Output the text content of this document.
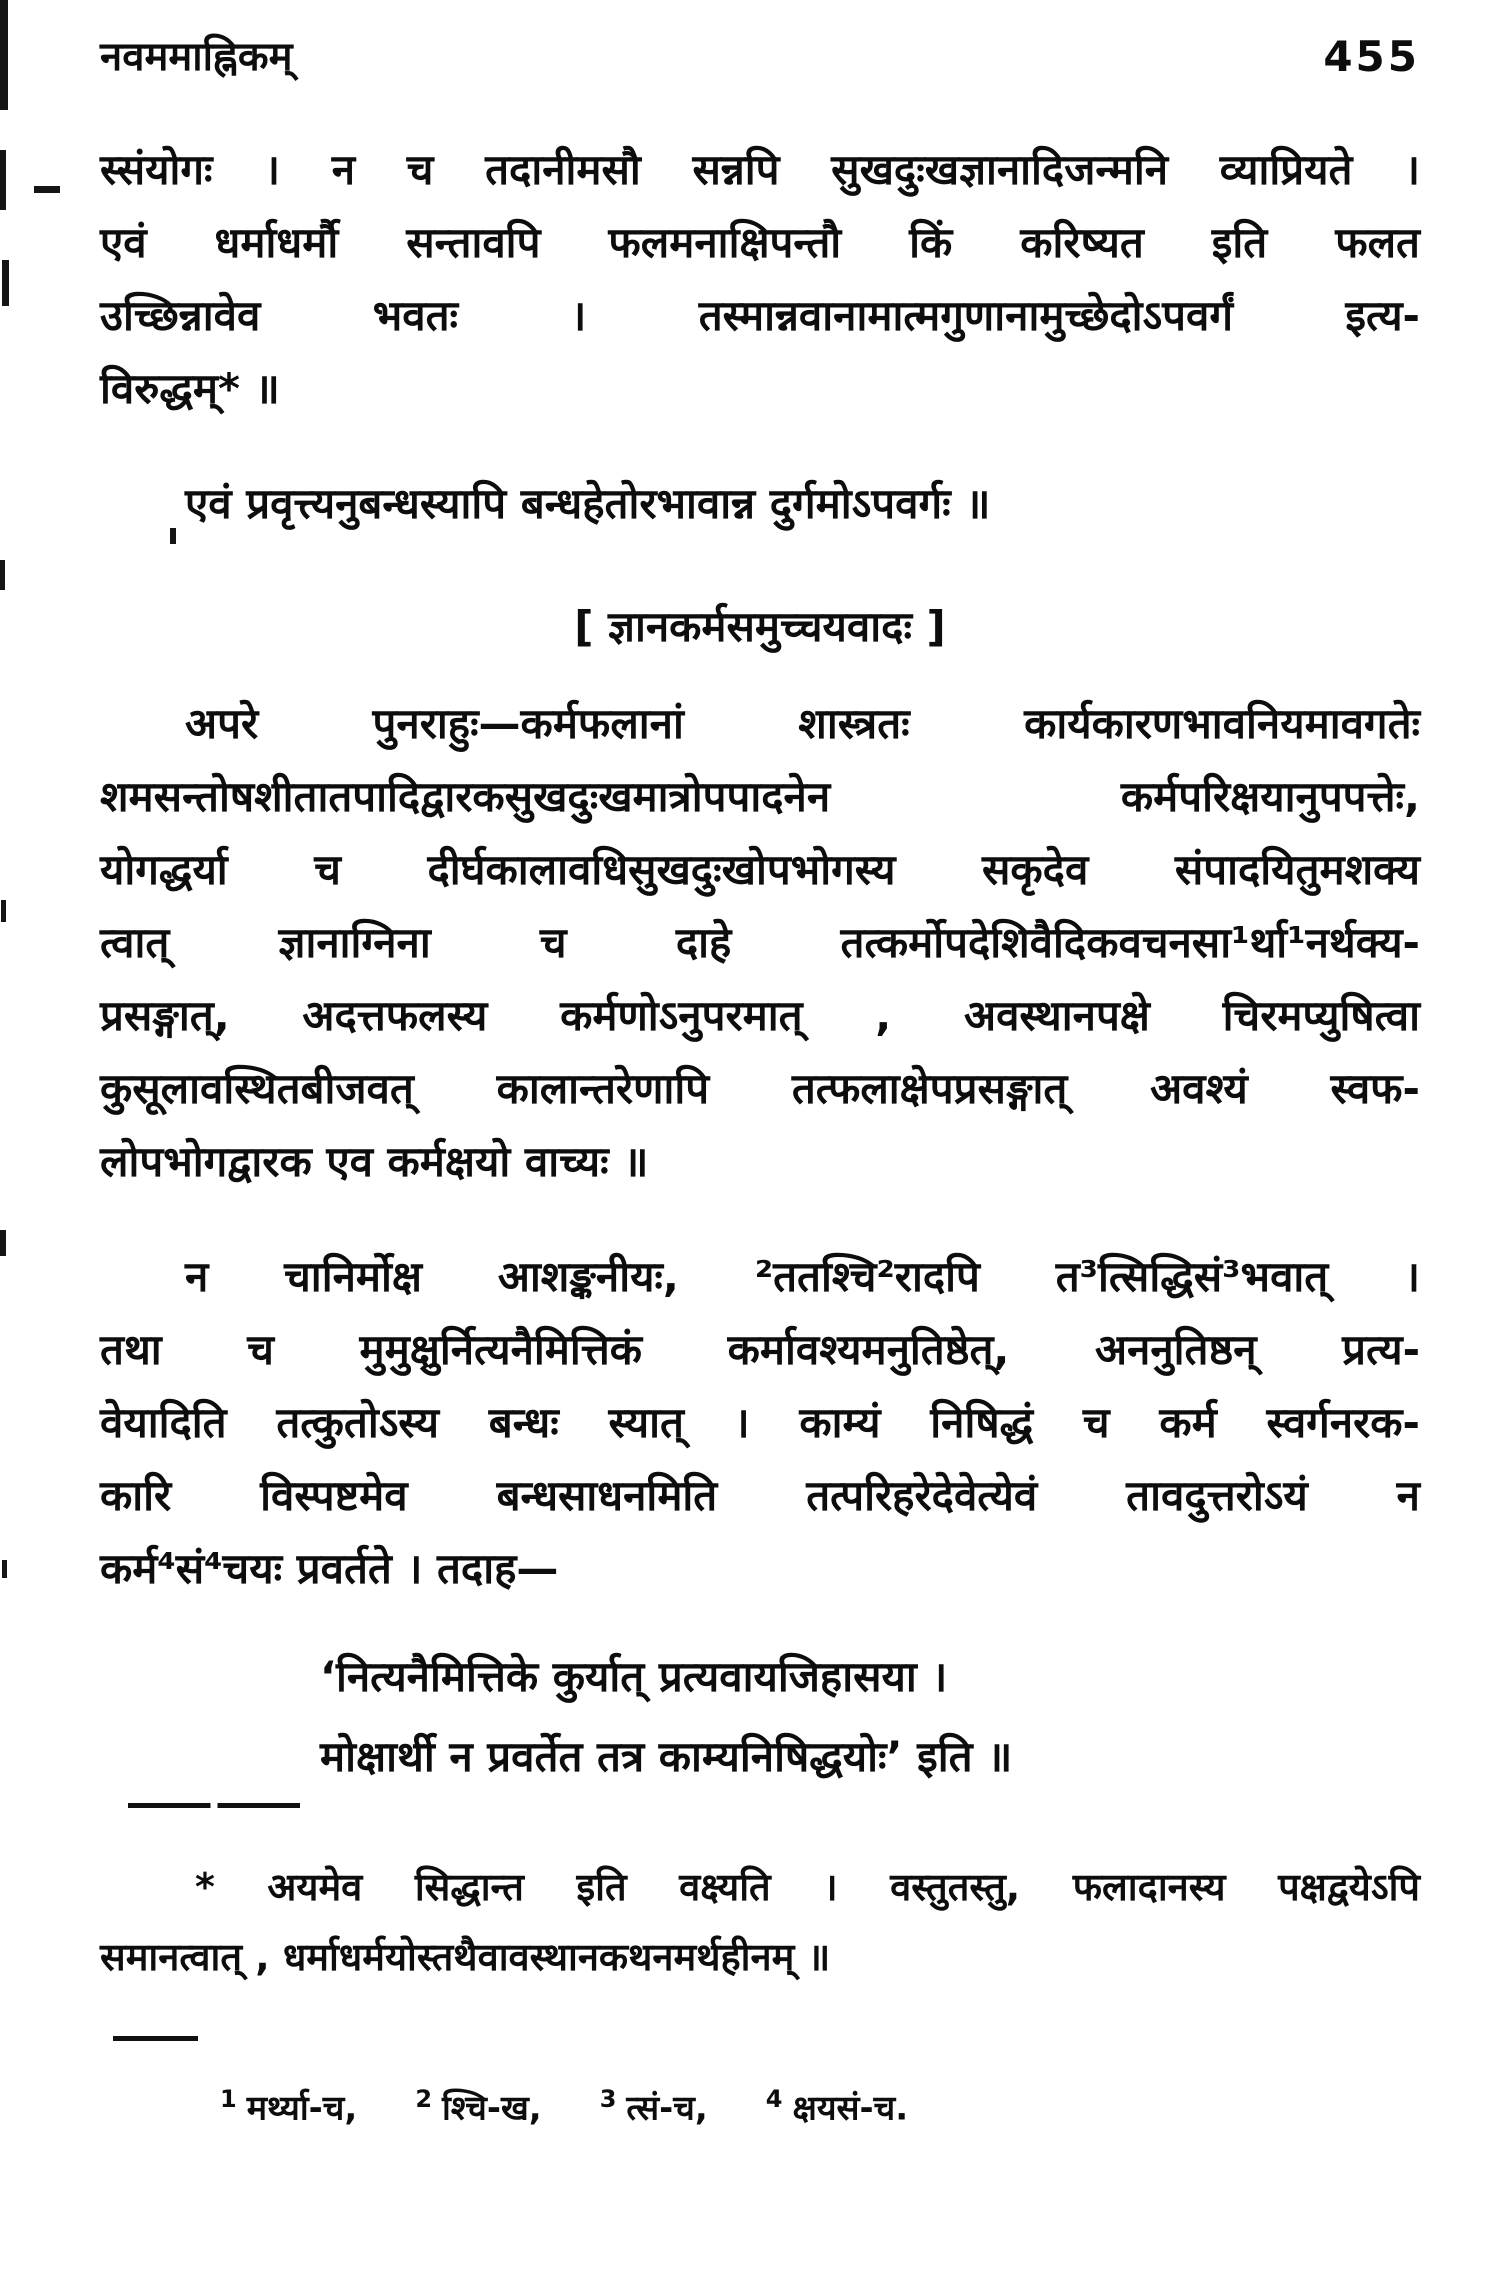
नवममाह्निकम्	455
स्संयोगः । न च तदानीमसौ सन्नपि सुखदुःखज्ञानादिजन्मनि व्याप्रियते ।
एवं धर्माधर्मौ सन्तावपि फलमनाक्षिपन्तौ किं करिष्यत इति फलत
उच्छिन्नावेव भवतः । तस्मान्नवानामात्मगुणानामुच्छेदोऽपवर्गं इत्य-
विरुद्धम्* ॥
एवं प्रवृत्त्यनुबन्धस्यापि बन्धहेतोरभावान्न दुर्गमोऽपवर्गः ॥
[ ज्ञानकर्मसमुच्चयवादः ]
अपरे पुनराहुः—कर्मफलानां शास्त्रतः कार्यकारणभावनियमावगतेः
शमसन्तोषशीतातपादिद्वारकसुखदुःखमात्रोपपादनेन कर्मपरिक्षयानुपपत्तेः,
योगद्धर्या च दीर्घकालावधिसुखदुःखोपभोगस्य सकृदेव संपादयितुमशक्य
त्वात् ज्ञानाग्निना च दाहे तत्कर्मोपदेशिवैदिकवचनसा¹र्था¹नर्थक्य-
प्रसङ्गात्, अदत्तफलस्य कर्मणोऽनुपरमात् , अवस्थानपक्षे चिरमप्युषित्वा
कुसूलावस्थितबीजवत् कालान्तरेणापि तत्फलाक्षेपप्रसङ्गात् अवश्यं स्वफ-
लोपभोगद्वारक एव कर्मक्षयो वाच्यः ॥
न चानिर्मोक्ष आशङ्कनीयः, ²ततश्चि²रादपि त³त्सिद्धिसं³भवात् ।
तथा च मुमुक्षुर्नित्यनैमित्तिकं कर्मावश्यमनुतिष्ठेत्, अननुतिष्ठन् प्रत्य-
वेयादिति तत्कुतोऽस्य बन्धः स्यात् । काम्यं निषिद्धं च कर्म स्वर्गनरक-
कारि विस्पष्टमेव बन्धसाधनमिति तत्परिहरेदेवेत्येवं तावदुत्तरोऽयं न
कर्म⁴सं⁴चयः प्रवर्तते । तदाह—
‘नित्यनैमित्तिके कुर्यात् प्रत्यवायजिहासया ।
मोक्षार्थी न प्रवर्तेत तत्र काम्यनिषिद्धयोः’ इति ॥
* अयमेव सिद्धान्त इति वक्ष्यति । वस्तुतस्तु, फलादानस्य पक्षद्वयेऽपि
समानत्वात् , धर्माधर्मयोस्तथैवावस्थानकथनमर्थहीनम् ॥
$^1$ मर्थ्या-च, $^2$ श्चि-ख, $^3$ त्सं-च, $^4$ क्षयसं-च.
